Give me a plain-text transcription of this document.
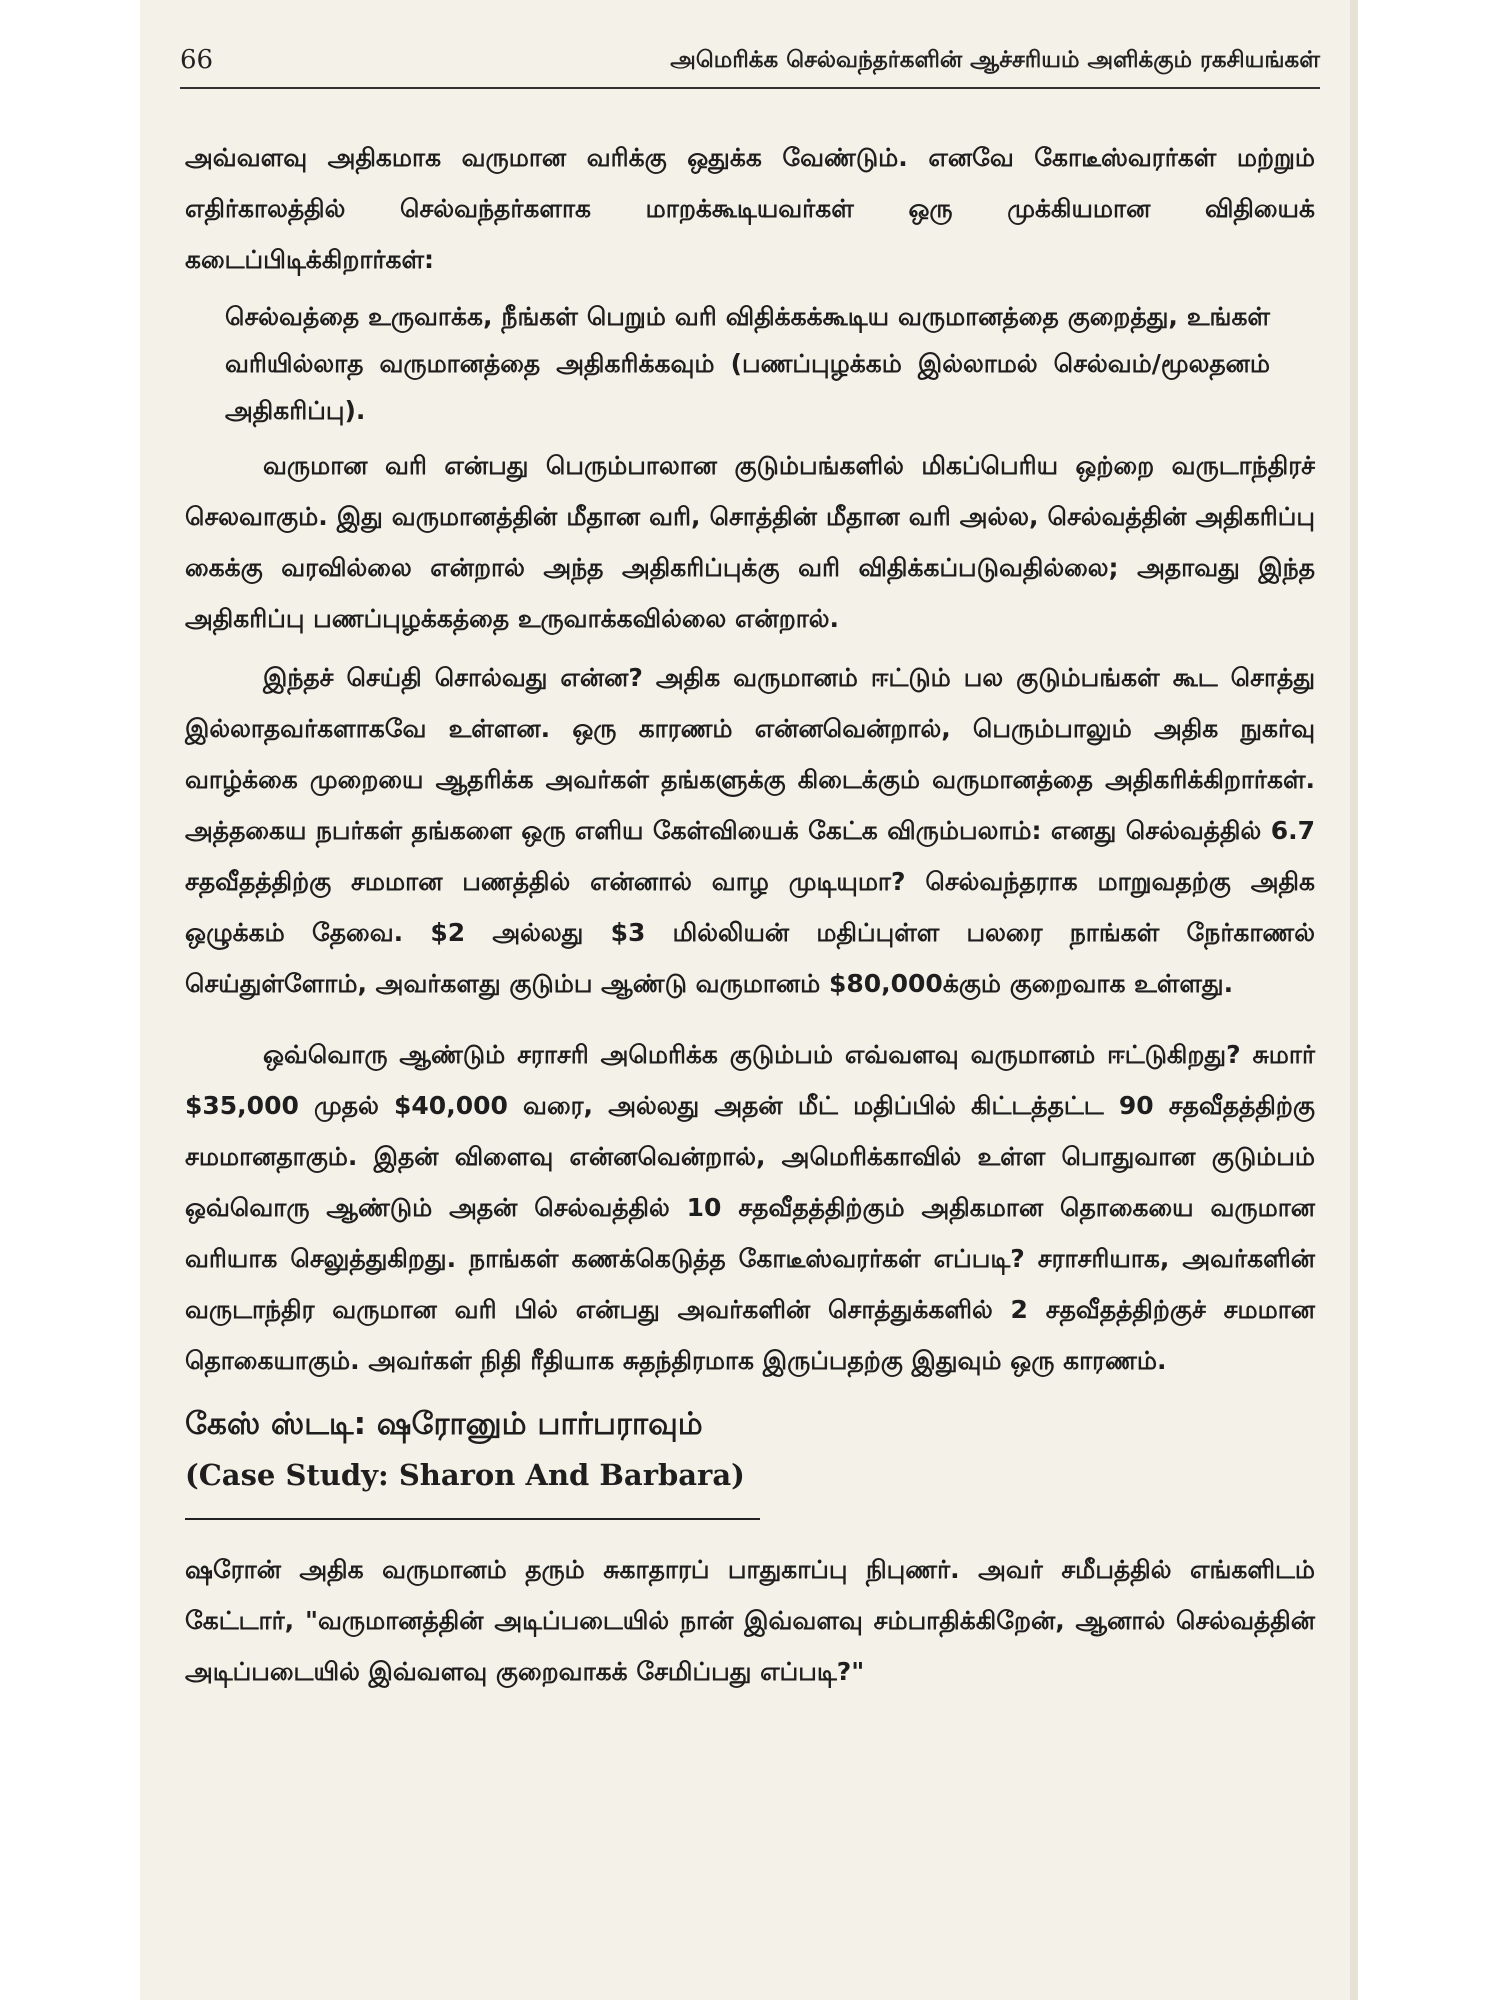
66	அமெரிக்க செல்வந்தர்களின் ஆச்சரியம் அளிக்கும் ரகசியங்கள்

அவ்வளவு அதிகமாக வருமான வரிக்கு ஒதுக்க வேண்டும். எனவே கோடீஸ்வரர்கள் மற்றும் எதிர்காலத்தில் செல்வந்தர்களாக மாறக்கூடியவர்கள் ஒரு முக்கியமான விதியைக் கடைப்பிடிக்கிறார்கள்:

செல்வத்தை உருவாக்க, நீங்கள் பெறும் வரி விதிக்கக்கூடிய வருமானத்தை குறைத்து, உங்கள் வரியில்லாத வருமானத்தை அதிகரிக்கவும் (பணப்புழக்கம் இல்லாமல் செல்வம்/மூலதனம் அதிகரிப்பு).

வருமான வரி என்பது பெரும்பாலான குடும்பங்களில் மிகப்பெரிய ஒற்றை வருடாந்திரச் செலவாகும். இது வருமானத்தின் மீதான வரி, சொத்தின் மீதான வரி அல்ல, செல்வத்தின் அதிகரிப்பு கைக்கு வரவில்லை என்றால் அந்த அதிகரிப்புக்கு வரி விதிக்கப்படுவதில்லை; அதாவது இந்த அதிகரிப்பு பணப்புழக்கத்தை உருவாக்கவில்லை என்றால்.

இந்தச் செய்தி சொல்வது என்ன? அதிக வருமானம் ஈட்டும் பல குடும்பங்கள் கூட சொத்து இல்லாதவர்களாகவே உள்ளன. ஒரு காரணம் என்னவென்றால், பெரும்பாலும் அதிக நுகர்வு வாழ்க்கை முறையை ஆதரிக்க அவர்கள் தங்களுக்கு கிடைக்கும் வருமானத்தை அதிகரிக்கிறார்கள். அத்தகைய நபர்கள் தங்களை ஒரு எளிய கேள்வியைக் கேட்க விரும்பலாம்: எனது செல்வத்தில் 6.7 சதவீதத்திற்கு சமமான பணத்தில் என்னால் வாழ முடியுமா? செல்வந்தராக மாறுவதற்கு அதிக ஒழுக்கம் தேவை. $2 அல்லது $3 மில்லியன் மதிப்புள்ள பலரை நாங்கள் நேர்காணல் செய்துள்ளோம், அவர்களது குடும்ப ஆண்டு வருமானம் $80,000க்கும் குறைவாக உள்ளது.

ஒவ்வொரு ஆண்டும் சராசரி அமெரிக்க குடும்பம் எவ்வளவு வருமானம் ஈட்டுகிறது? சுமார் $35,000 முதல் $40,000 வரை, அல்லது அதன் மீட் மதிப்பில் கிட்டத்தட்ட 90 சதவீதத்திற்கு சமமானதாகும். இதன் விளைவு என்னவென்றால், அமெரிக்காவில் உள்ள பொதுவான குடும்பம் ஒவ்வொரு ஆண்டும் அதன் செல்வத்தில் 10 சதவீதத்திற்கும் அதிகமான தொகையை வருமான வரியாக செலுத்துகிறது. நாங்கள் கணக்கெடுத்த கோடீஸ்வரர்கள் எப்படி? சராசரியாக, அவர்களின் வருடாந்திர வருமான வரி பில் என்பது அவர்களின் சொத்துக்களில் 2 சதவீதத்திற்குச் சமமான தொகையாகும். அவர்கள் நிதி ரீதியாக சுதந்திரமாக இருப்பதற்கு இதுவும் ஒரு காரணம்.

கேஸ் ஸ்டடி: ஷரோனும் பார்பராவும்

(Case Study: Sharon And Barbara)

ஷரோன் அதிக வருமானம் தரும் சுகாதாரப் பாதுகாப்பு நிபுணர். அவர் சமீபத்தில் எங்களிடம் கேட்டார், "வருமானத்தின் அடிப்படையில் நான் இவ்வளவு சம்பாதிக்கிறேன், ஆனால் செல்வத்தின் அடிப்படையில் இவ்வளவு குறைவாகக் சேமிப்பது எப்படி?"
